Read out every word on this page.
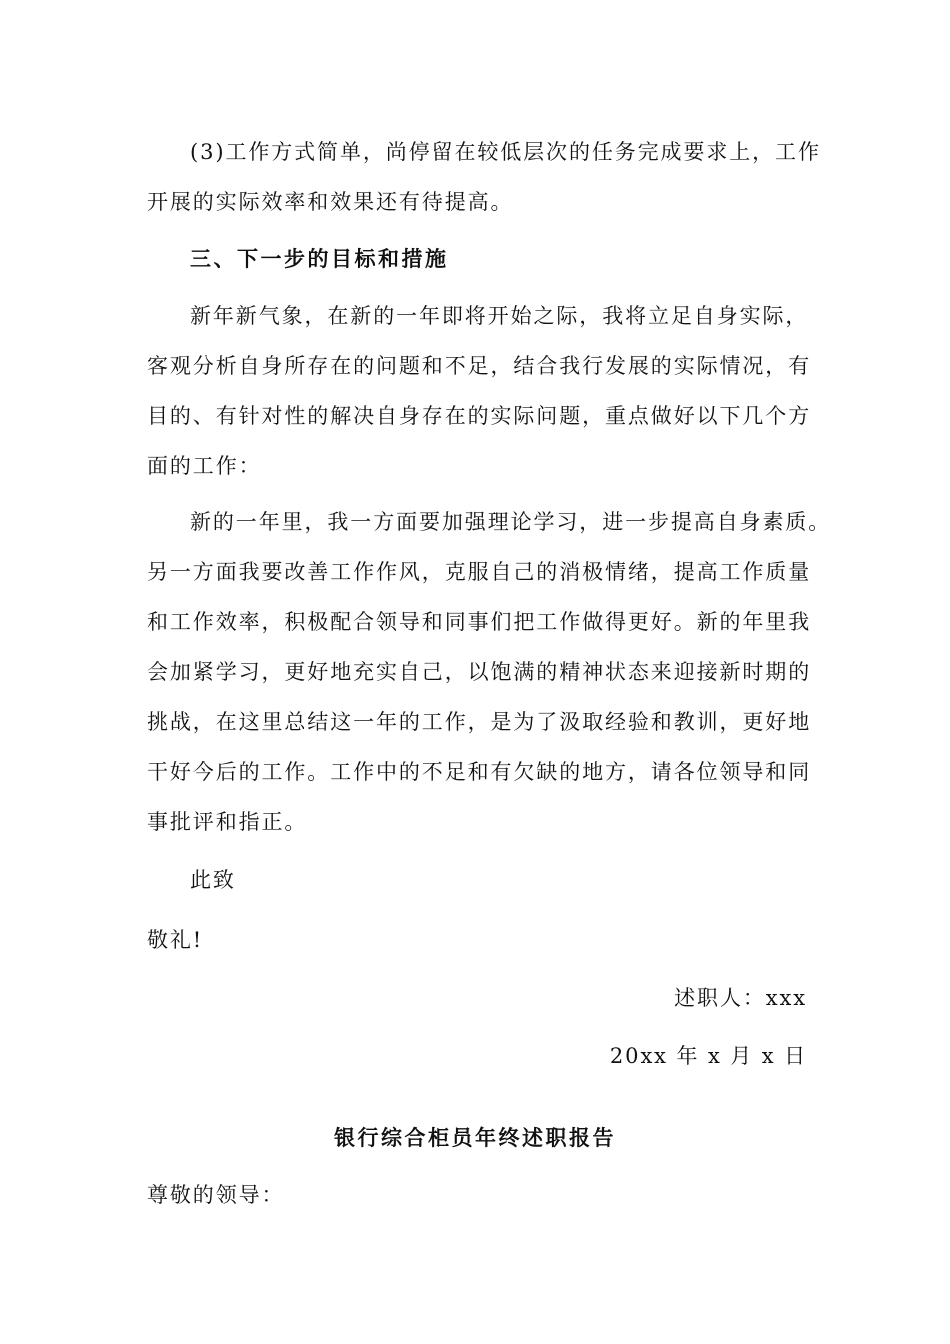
(3)工作方式简单，尚停留在较低层次的任务完成要求上，工作
开展的实际效率和效果还有待提高。
三、下一步的目标和措施
新年新气象，在新的一年即将开始之际，我将立足自身实际，
客观分析自身所存在的问题和不足，结合我行发展的实际情况，有
目的、有针对性的解决自身存在的实际问题，重点做好以下几个方
面的工作：
新的一年里，我一方面要加强理论学习，进一步提高自身素质。
另一方面我要改善工作作风，克服自己的消极情绪，提高工作质量
和工作效率，积极配合领导和同事们把工作做得更好。新的年里我
会加紧学习，更好地充实自己，以饱满的精神状态来迎接新时期的
挑战，在这里总结这一年的工作，是为了汲取经验和教训，更好地
干好今后的工作。工作中的不足和有欠缺的地方，请各位领导和同
事批评和指正。
此致
敬礼!
述职人：xxx
20xx 年 x 月 x 日
银行综合柜员年终述职报告
尊敬的领导：
